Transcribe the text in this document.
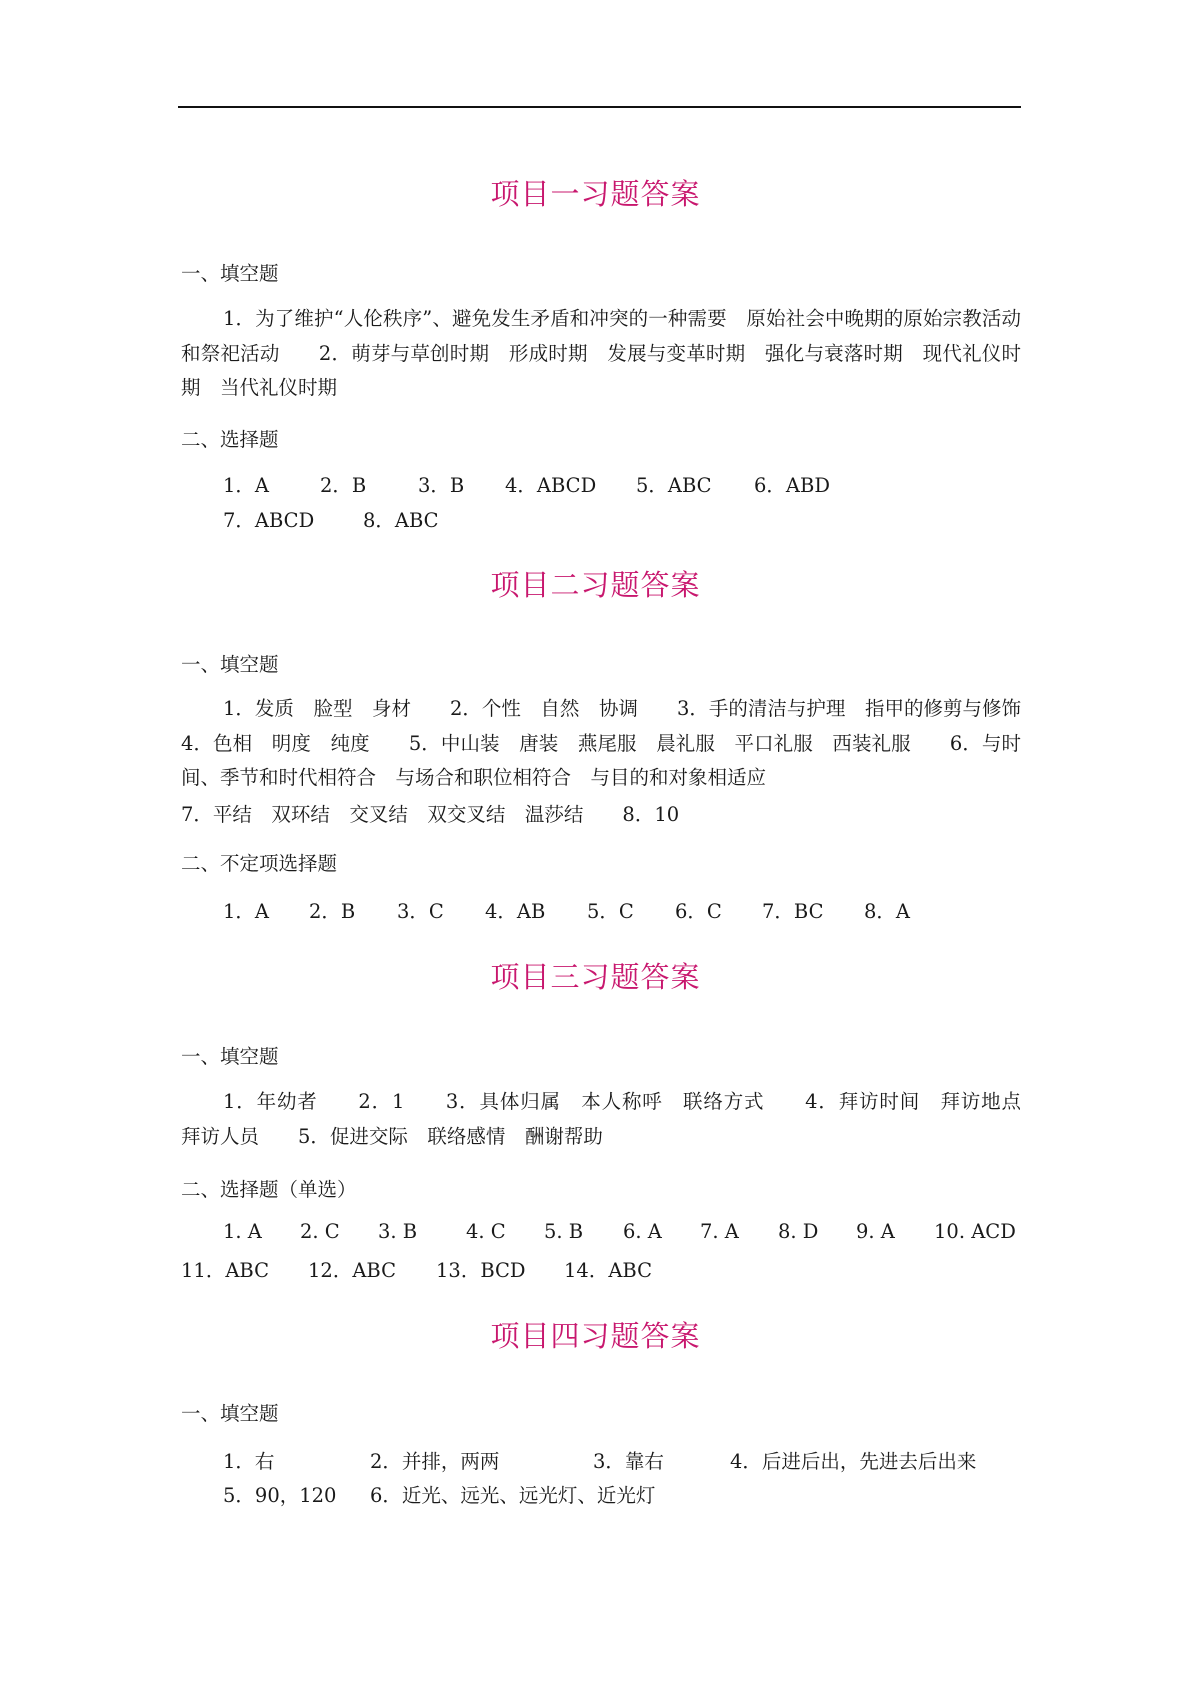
项目一习题答案
一、填空题
1．为了维护“人伦秩序”、避免发生矛盾和冲突的一种需要　原始社会中晚期的原始宗教活动和祭祀活动　　2．萌芽与草创时期　形成时期　发展与变革时期　强化与衰落时期　现代礼仪时期　当代礼仪时期
二、选择题
1．A	2．B	3．B 4．ABCD 5．ABC 6．ABD
7．ABCD	8．ABC
项目二习题答案
一、填空题
1．发质　脸型　身材　　2．个性　自然　协调　　3．手的清洁与护理　指甲的修剪与修饰　　4．色相　明度　纯度　　5．中山装　唐装　燕尾服　晨礼服　平口礼服　西装礼服　　6．与时间、季节和时代相符合　与场合和职位相符合　与目的和对象相适应
7．平结　双环结　交叉结　双交叉结　温莎结　　8．10
二、不定项选择题
1．A 2．B 3．C 4．AB 5．C 6．C 7．BC 8．A
项目三习题答案
一、填空题
1．年幼者　　2．1　　3．具体归属　本人称呼　联络方式　　4．拜访时间　拜访地点　拜访人员　　5．促进交际　联络感情　酬谢帮助
二、选择题（单选）
1. A 2. C 3. B	4. C 5. B 6. A 7. A 8. D 9. A 10. ACD
11．ABC 12．ABC 13．BCD 14．ABC
项目四习题答案
一、填空题
1．右	2．并排，两两	3．靠右	4．后进后出，先进去后出来
5．90，120 6．近光、远光、远光灯、近光灯
